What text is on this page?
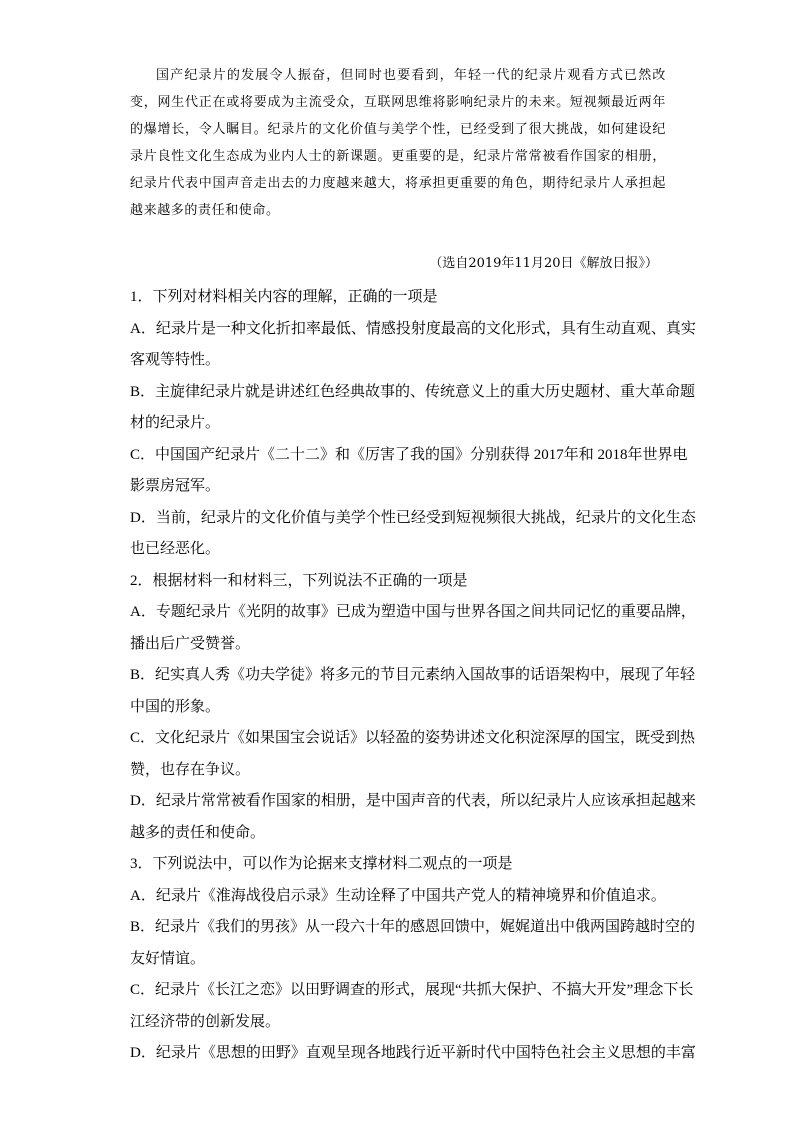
国产纪录片的发展令人振奋，但同时也要看到，年轻一代的纪录片观看方式已然改变，网生代正在或将要成为主流受众，互联网思维将影响纪录片的未来。短视频最近两年的爆增长，令人瞩目。纪录片的文化价值与美学个性，已经受到了很大挑战，如何建设纪录片良性文化生态成为业内人士的新课题。更重要的是，纪录片常常被看作国家的相册，纪录片代表中国声音走出去的力度越来越大，将承担更重要的角色，期待纪录片人承担起越来越多的责任和使命。
（选自2019年11月20日《解放日报》）
1．下列对材料相关内容的理解，正确的一项是
A．纪录片是一种文化折扣率最低、情感投射度最高的文化形式，具有生动直观、真实
客观等特性。
B．主旋律纪录片就是讲述红色经典故事的、传统意义上的重大历史题材、重大革命题
材的纪录片。
C．中国国产纪录片《二十二》和《厉害了我的国》分别获得 2017年和 2018年世界电
影票房冠军。
D．当前，纪录片的文化价值与美学个性已经受到短视频很大挑战，纪录片的文化生态
也已经恶化。
2．根据材料一和材料三，下列说法不正确的一项是
A．专题纪录片《光阴的故事》已成为塑造中国与世界各国之间共同记忆的重要品牌，
播出后广受赞誉。
B．纪实真人秀《功夫学徒》将多元的节目元素纳入国故事的话语架构中，展现了年轻
中国的形象。
C．文化纪录片《如果国宝会说话》以轻盈的姿势讲述文化积淀深厚的国宝，既受到热
赞，也存在争议。
D．纪录片常常被看作国家的相册，是中国声音的代表，所以纪录片人应该承担起越来
越多的责任和使命。
3．下列说法中，可以作为论据来支撑材料二观点的一项是
A．纪录片《淮海战役启示录》生动诠释了中国共产党人的精神境界和价值追求。
B．纪录片《我们的男孩》从一段六十年的感恩回馈中，娓娓道出中俄两国跨越时空的
友好情谊。
C．纪录片《长江之恋》以田野调查的形式，展现“共抓大保护、不搞大开发”理念下长
江经济带的创新发展。
D．纪录片《思想的田野》直观呈现各地践行近平新时代中国特色社会主义思想的丰富
